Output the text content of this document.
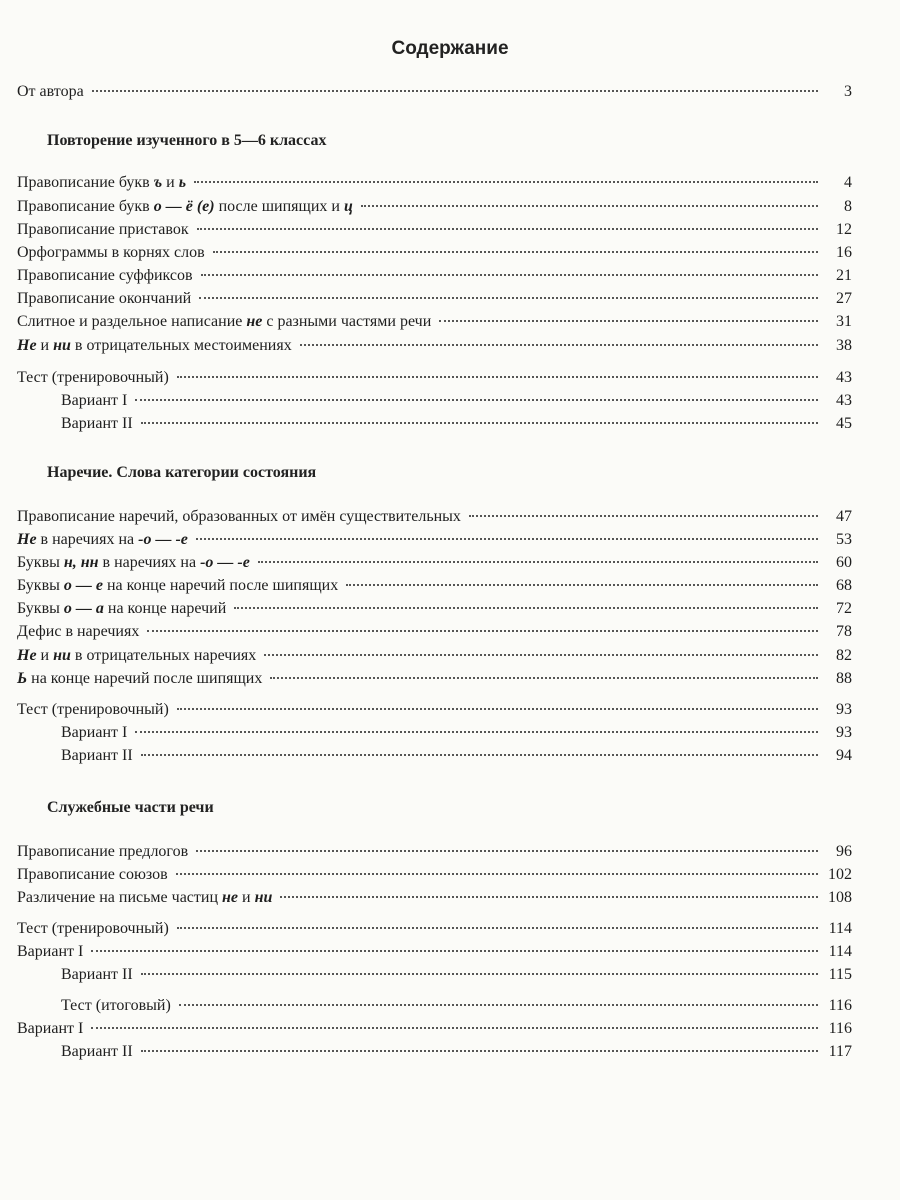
Содержание
Повторение изученного в 5—6 классах
Наречие. Слова категории состояния
Служебные части речи
От автора	3
Правописание букв ъ и ь	4
Правописание букв о — ё (е) после шипящих и ц	8
Правописание приставок	12
Орфограммы в корнях слов	16
Правописание суффиксов	21
Правописание окончаний	27
Слитное и раздельное написание не с разными частями речи	31
Не и ни в отрицательных местоимениях	38
Тест (тренировочный)	43
Вариант I	43
Вариант II	45
Правописание наречий, образованных от имён существительных	47
Не в наречиях на -о — -е	53
Буквы н, нн в наречиях на -о — -е	60
Буквы о — е на конце наречий после шипящих	68
Буквы о — а на конце наречий	72
Дефис в наречиях	78
Не и ни в отрицательных наречиях	82
Ь на конце наречий после шипящих	88
Тест (тренировочный)	93
Вариант I	93
Вариант II	94
Правописание предлогов	96
Правописание союзов	102
Различение на письме частиц не и ни	108
Тест (тренировочный)	114
Вариант I	114
Вариант II	115
Тест (итоговый)	116
Вариант I	116
Вариант II	117
